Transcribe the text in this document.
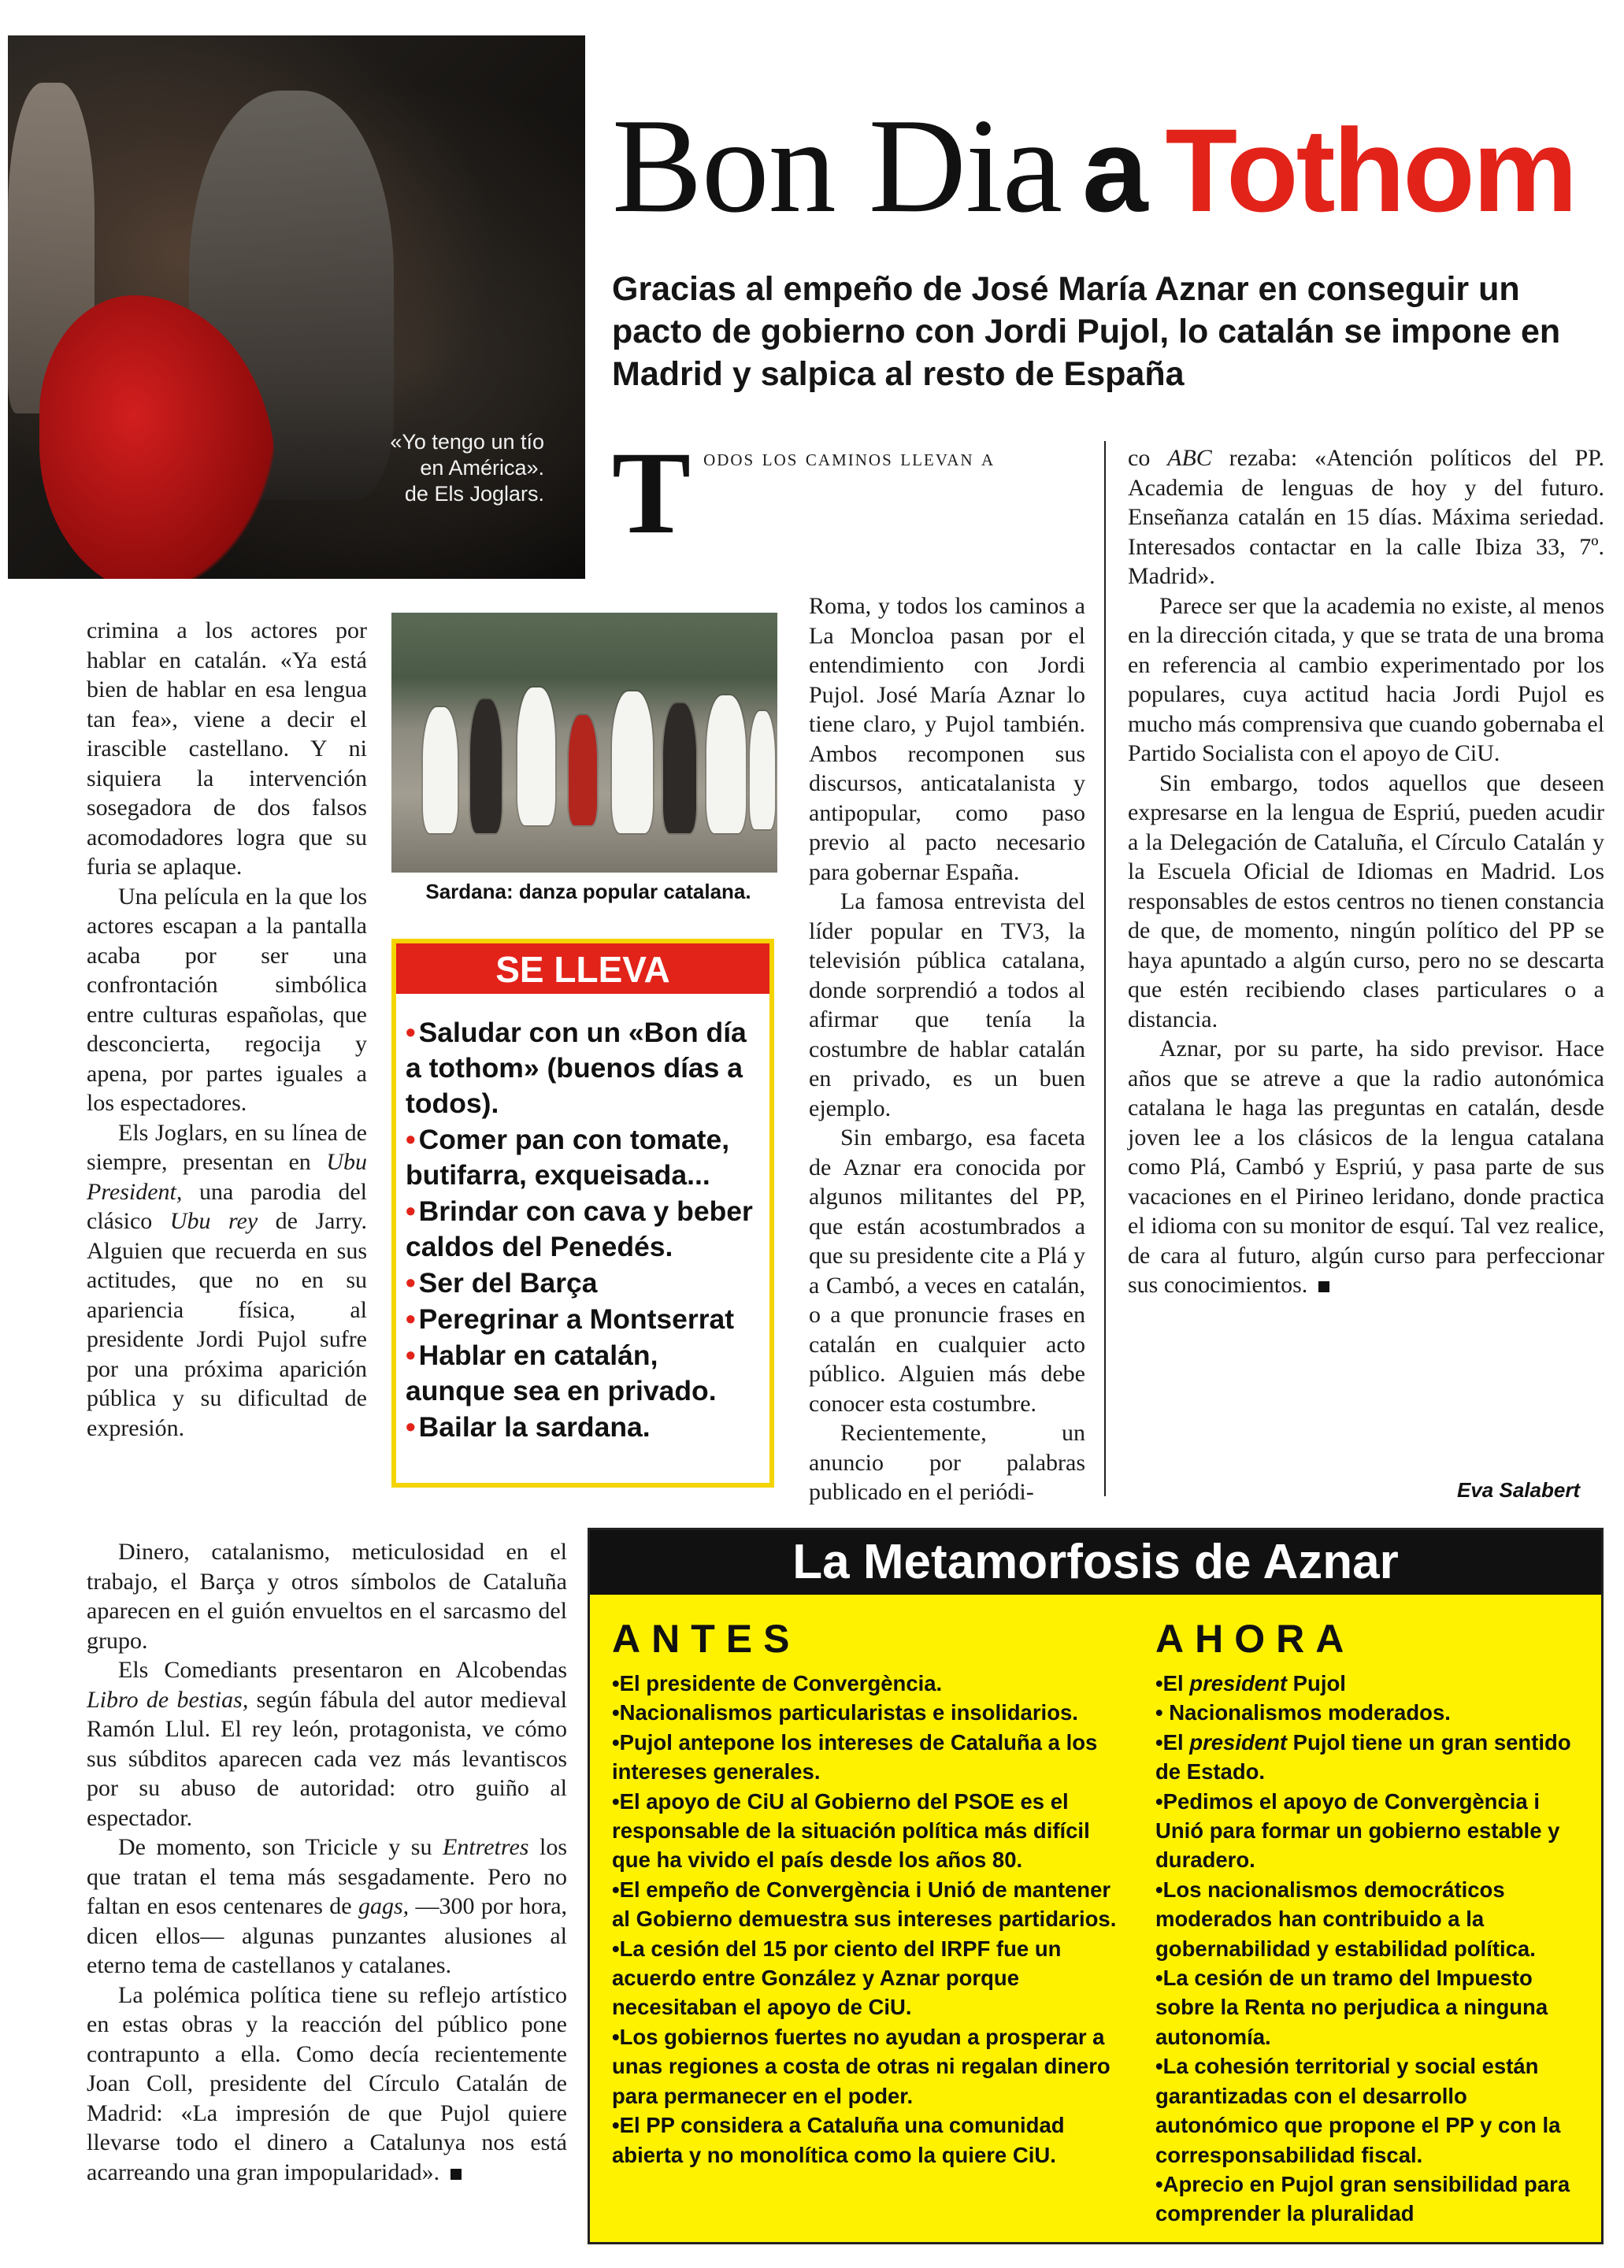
«Yo tengo un tío
en América».
de Els Joglars.
Bon Dia a Tothom
Gracias al empeño de José María Aznar en conseguir un pacto de gobierno con Jordi Pujol, lo catalán se impone en Madrid y salpica al resto de España
Sardana: danza popular catalana.
SE LLEVA
• Saludar con un «Bon día a tothom» (buenos días a todos).
• Comer pan con tomate, butifarra, exqueisada...
• Brindar con cava y beber caldos del Penedés.
• Ser del Barça
• Peregrinar a Montserrat
• Hablar en catalán, aunque sea en privado.
• Bailar la sardana.

crimina a los actores por hablar en catalán. «Ya está bien de hablar en esa lengua tan fea», viene a decir el irascible castellano. Y ni siquiera la intervención sosegadora de dos falsos acomodadores logra que su furia se aplaque.

Una película en la que los actores escapan a la pantalla acaba por ser una confrontación simbólica entre culturas españolas, que desconcierta, regocija y apena, por partes iguales a los espectadores.

Els Joglars, en su línea de siempre, presentan en Ubu President, una parodia del clásico Ubu rey de Jarry. Alguien que recuerda en sus actitudes, que no en su apariencia física, al presidente Jordi Pujol sufre por una próxima aparición pública y su dificultad de expresión.

Dinero, catalanismo, meticulosidad en el trabajo, el Barça y otros símbolos de Cataluña aparecen en el guión envueltos en el sarcasmo del grupo.

Els Comediants presentaron en Alcobendas Libro de bestias, según fábula del autor medieval Ramón Llul. El rey león, protagonista, ve cómo sus súbditos aparecen cada vez más levantiscos por su abuso de autoridad: otro guiño al espectador.

De momento, son Tricicle y su Entretres los que tratan el tema más sesgadamente. Pero no faltan en esos centenares de gags, —300 por hora, dicen ellos— algunas punzantes alusiones al eterno tema de castellanos y catalanes.

La polémica política tiene su reflejo artístico en estas obras y la reacción del público pone contrapunto a ella. Como decía recientemente Joan Coll, presidente del Círculo Catalán de Madrid: «La impresión de que Pujol quiere llevarse todo el dinero a Catalunya nos está acarreando una gran impopularidad».

T odos los caminos llevan a

Roma, y todos los caminos a La Moncloa pasan por el entendimiento con Jordi Pujol. José María Aznar lo tiene claro, y Pujol también. Ambos recomponen sus discursos, anticatalanista y antipopular, como paso previo al pacto necesario para gobernar España.

La famosa entrevista del líder popular en TV3, la televisión pública catalana, donde sorprendió a todos al afirmar que tenía la costumbre de hablar catalán en privado, es un buen ejemplo.

Sin embargo, esa faceta de Aznar era conocida por algunos militantes del PP, que están acostumbrados a que su presidente cite a Plá y a Cambó, a veces en catalán, o a que pronuncie frases en catalán en cualquier acto público. Alguien más debe conocer esta costumbre.

Recientemente, un anuncio por palabras publicado en el periódi-

co ABC rezaba: «Atención políticos del PP. Academia de lenguas de hoy y del futuro. Enseñanza catalán en 15 días. Máxima seriedad. Interesados contactar en la calle Ibiza 33, 7º. Madrid».

Parece ser que la academia no existe, al menos en la dirección citada, y que se trata de una broma en referencia al cambio experimentado por los populares, cuya actitud hacia Jordi Pujol es mucho más comprensiva que cuando gobernaba el Partido Socialista con el apoyo de CiU.

Sin embargo, todos aquellos que deseen expresarse en la lengua de Espriú, pueden acudir a la Delegación de Cataluña, el Círculo Catalán y la Escuela Oficial de Idiomas en Madrid. Los responsables de estos centros no tienen constancia de que, de momento, ningún político del PP se haya apuntado a algún curso, pero no se descarta que estén recibiendo clases particulares o a distancia.

Aznar, por su parte, ha sido previsor. Hace años que se atreve a que la radio autonómica catalana le haga las preguntas en catalán, desde joven lee a los clásicos de la lengua catalana como Plá, Cambó y Espriú, y pasa parte de sus vacaciones en el Pirineo leridano, donde practica el idioma con su monitor de esquí. Tal vez realice, de cara al futuro, algún curso para perfeccionar sus conocimientos.

Eva Salabert
La Metamorfosis de Aznar
ANTES
•El presidente de Convergència.
•Nacionalismos particularistas e insolidarios.
•Pujol antepone los intereses de Cataluña a los intereses generales.
•El apoyo de CiU al Gobierno del PSOE es el responsable de la situación política más difícil que ha vivido el país desde los años 80.
•El empeño de Convergència i Unió de mantener al Gobierno demuestra sus intereses partidarios.
•La cesión del 15 por ciento del IRPF fue un acuerdo entre González y Aznar porque necesitaban el apoyo de CiU.
•Los gobiernos fuertes no ayudan a prosperar a unas regiones a costa de otras ni regalan dinero para permanecer en el poder.
•El PP considera a Cataluña una comunidad abierta y no monolítica como la quiere CiU.
AHORA
•El president Pujol
• Nacionalismos moderados.
•El president Pujol tiene un gran sentido de Estado.
•Pedimos el apoyo de Convergència i Unió para formar un gobierno estable y duradero.
•Los nacionalismos democráticos moderados han contribuido a la gobernabilidad y estabilidad política.
•La cesión de un tramo del Impuesto sobre la Renta no perjudica a ninguna autonomía.
•La cohesión territorial y social están garantizadas con el desarrollo autonómico que propone el PP y con la corresponsabilidad fiscal.
•Aprecio en Pujol gran sensibilidad para comprender la pluralidad
